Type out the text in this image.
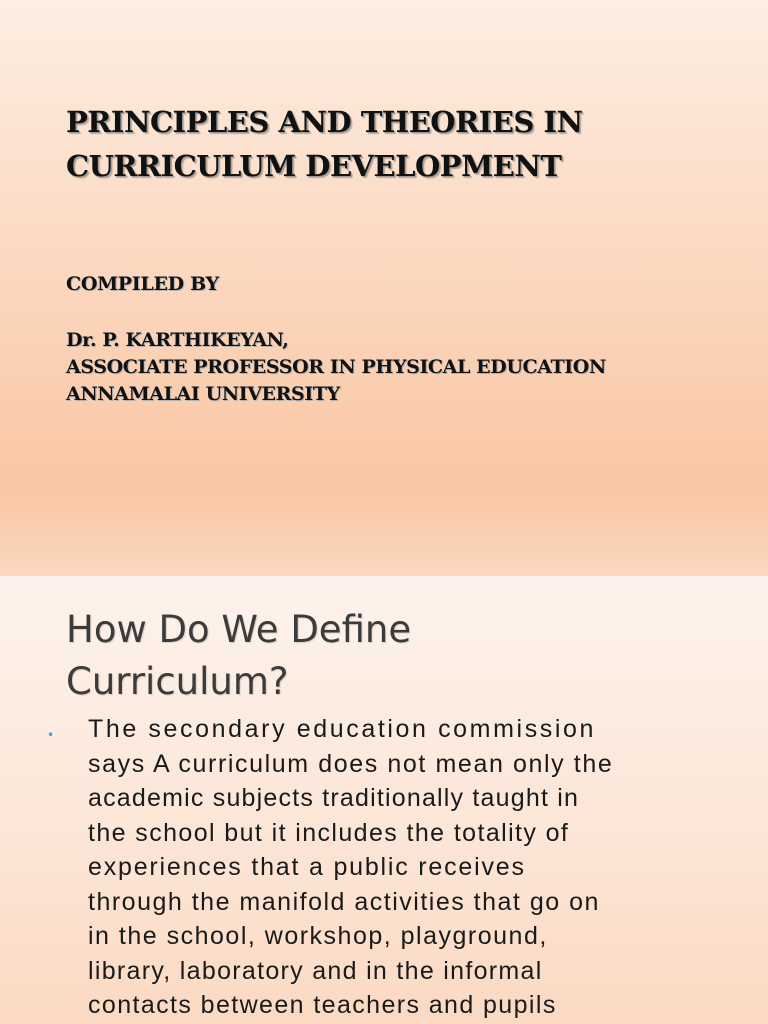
PRINCIPLES AND THEORIES IN
CURRICULUM DEVELOPMENT
COMPILED BY
Dr. P. KARTHIKEYAN,
ASSOCIATE PROFESSOR IN PHYSICAL EDUCATION
ANNAMALAI UNIVERSITY
How Do We Define
Curriculum?
• The secondary education commission
says A curriculum does not mean only the
academic subjects traditionally taught in
the school but it includes the totality of
experiences that a public receives
through the manifold activities that go on
in the school, workshop, playground,
library, laboratory and in the informal
contacts between teachers and pupils
